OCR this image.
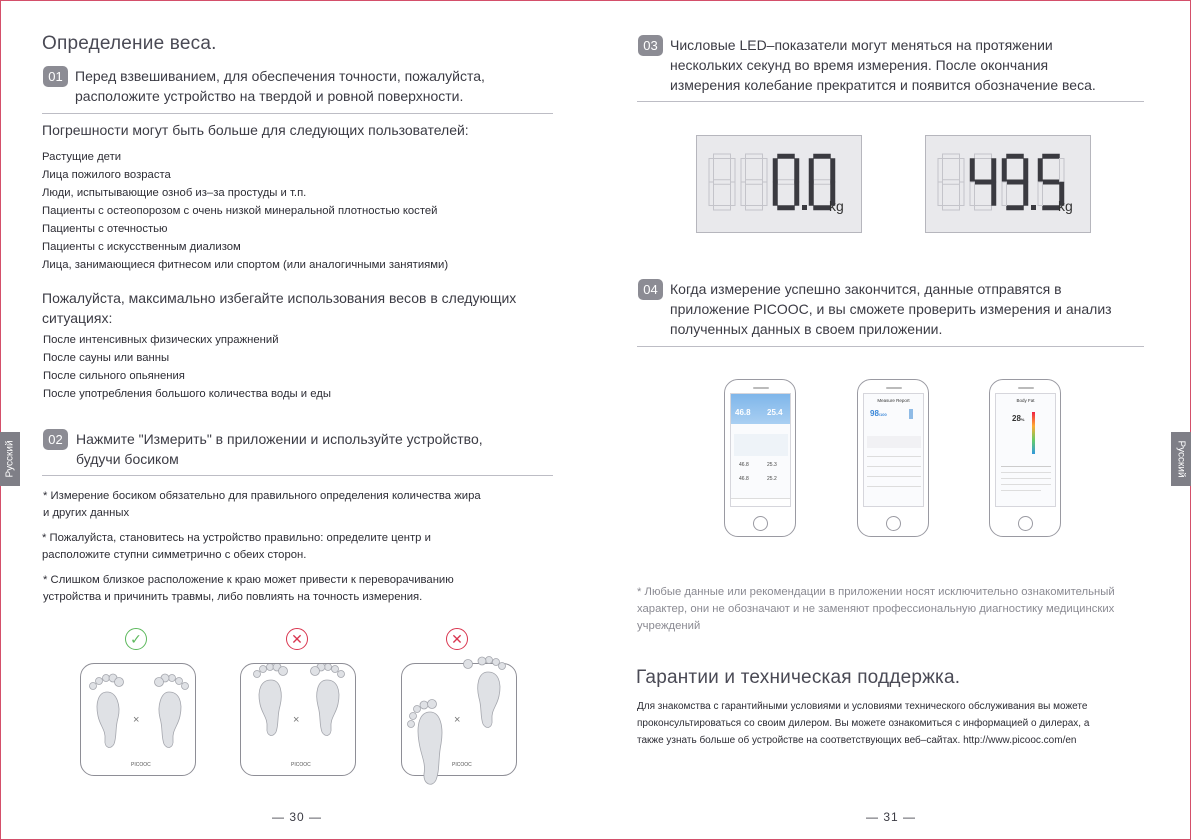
Определение веса.
01 Перед взвешиванием, для обеспечения точности, пожалуйста,
расположите устройство на твердой и ровной поверхности.
Погрешности могут быть больше для следующих пользователей:
Растущие дети
Лица пожилого возраста
Люди, испытывающие озноб из–за простуды и т.п.
Пациенты с остеопорозом с очень низкой минеральной плотностью костей
Пациенты с отечностью
Пациенты с искусственным диализом
Лица, занимающиеся фитнесом или спортом (или аналогичными занятиями)
Пожалуйста, максимально избегайте использования весов в следующих
ситуациях:
После интенсивных физических упражнений
После сауны или ванны
После сильного опьянения
После употребления большого количества воды и еды
02 Нажмите "Измерить" в приложении и используйте устройство,
будучи босиком
* Измерение босиком обязательно для правильного определения количества жира
и других данных
* Пожалуйста, становитесь на устройство правильно: определите центр и
расположите ступни симметрично с обеих сторон.
* Слишком близкое расположение к краю может привести к переворачиванию
устройства и причинить травмы, либо повлиять на точность измерения.
✓	✕	✕
×
PICOOC
×
PICOOC
×
PICOOC
— 30 —
Русский
03 Числовые LED–показатели могут меняться на протяжении
нескольких секунд во время измерения. После окончания
измерения колебание прекратится и появится обозначение веса.
kg	kg
04 Когда измерение успешно закончится, данные отправятся в
приложение PICOOC, и вы сможете проверить измерения и анализ
полученных данных в своем приложении.
46.8 25.4
46.8	25.3
46.8	25.2
Measure Report
98/100
Body Fat
28%
* Любые данные или рекомендации в приложении носят исключительно ознакомительный
характер, они не обозначают и не заменяют профессиональную диагностику медицинских
учреждений
Гарантии и техническая поддержка.
Для знакомства с гарантийными условиями и условиями технического обслуживания вы можете
проконсультироваться со своим дилером. Вы можете ознакомиться с информацией о дилерах, а
также узнать больше об устройстве на соответствующих веб–сайтах. http://www.picooc.com/en
— 31 —
Русский
